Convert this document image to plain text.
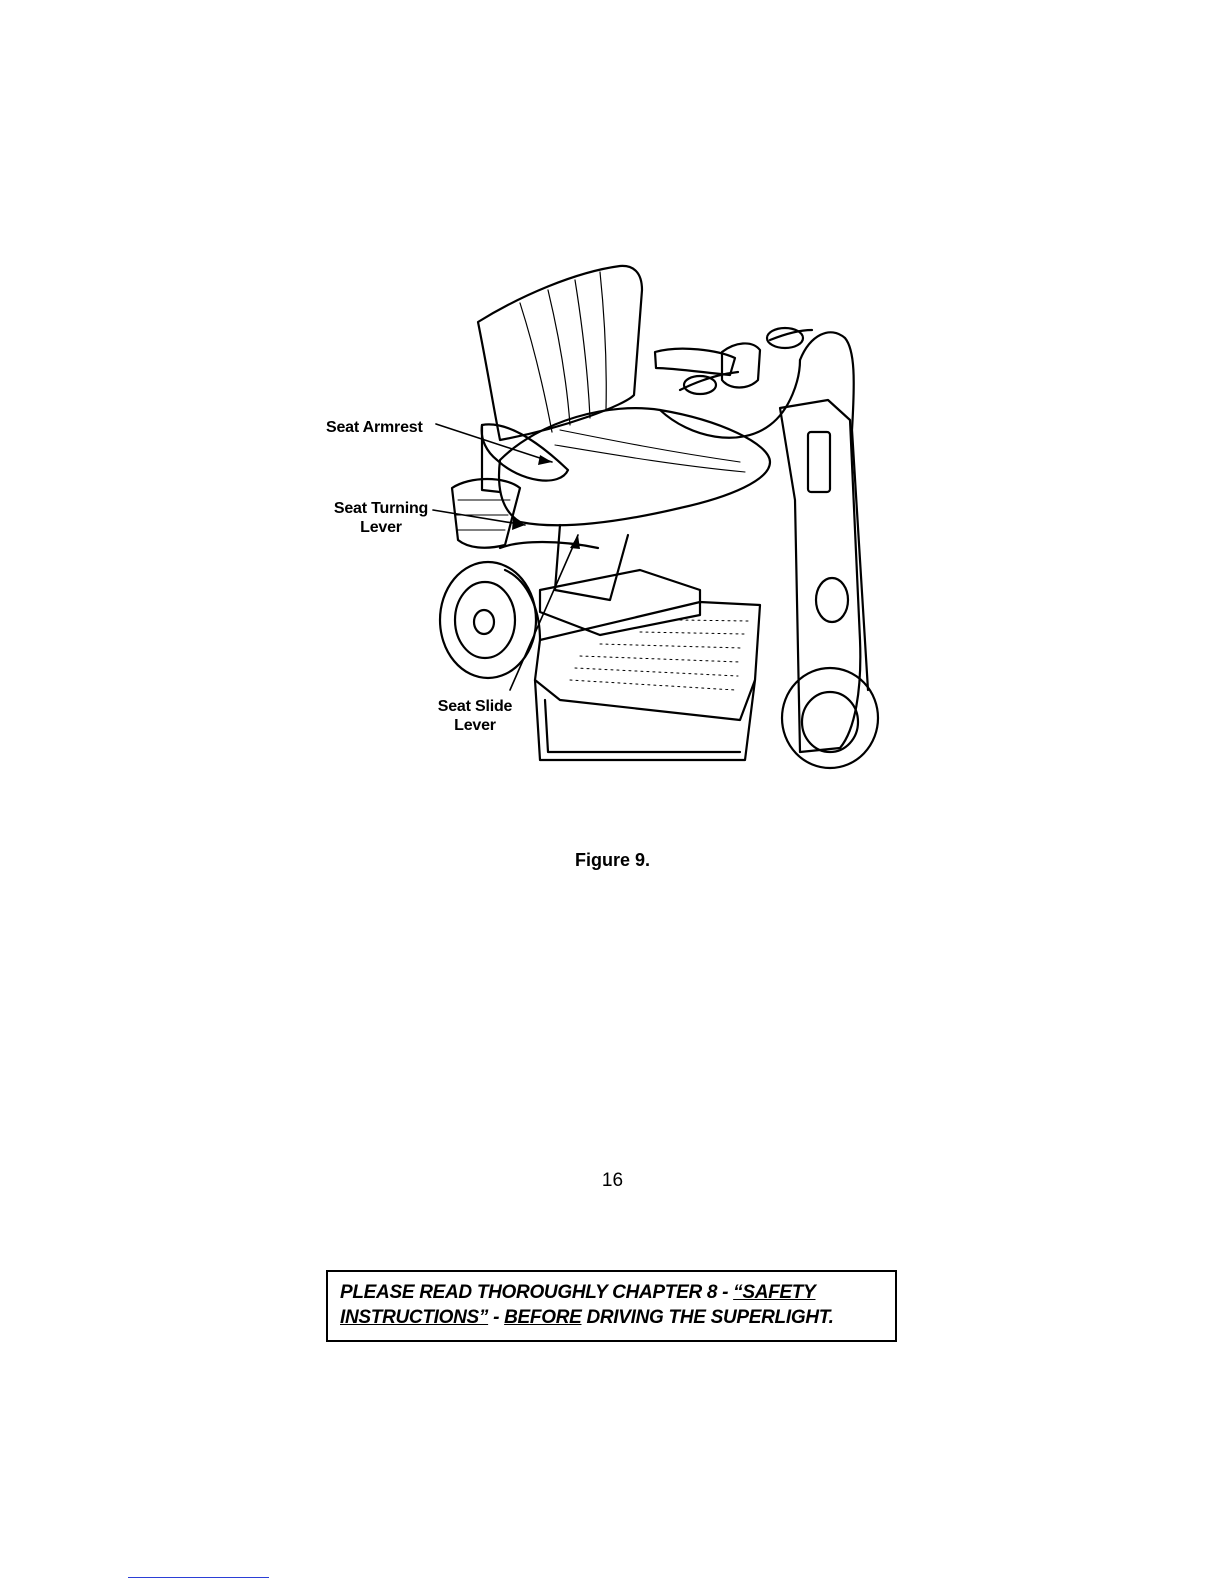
Seat Armrest
Seat Turning
Lever
Seat Slide
Lever
Figure 9.
16
PLEASE READ THOROUGHLY CHAPTER 8 - “SAFETY INSTRUCTIONS” - BEFORE DRIVING THE SUPERLIGHT.
